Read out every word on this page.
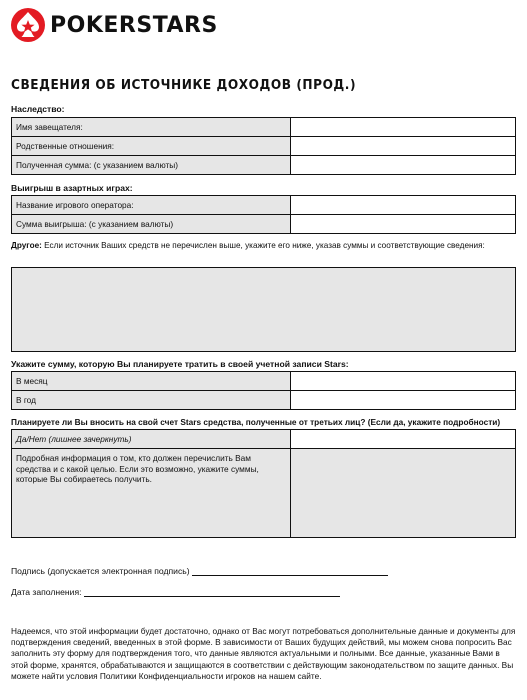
POKERSTARS
СВЕДЕНИЯ ОБ ИСТОЧНИКЕ ДОХОДОВ (ПРОД.)
Наследство:
Имя завещателя:	
Родственные отношения:	
Полученная сумма: (с указанием валюты)	
Выигрыш в азартных играх:
Название игрового оператора:	
Сумма выигрыша: (с указанием валюты)	
Другое: Если источник Ваших средств не перечислен выше, укажите его ниже, указав суммы и соответствующие сведения:
Укажите сумму, которую Вы планируете тратить в своей учетной записи Stars:
В месяц	
В год	
Планируете ли Вы вносить на свой счет Stars средства, полученные от третьих лиц? (Если да, укажите подробности)
Да/Нет (лишнее зачеркнуть)	
Подробная информация о том, кто должен перечислить Вам средства и с какой целью. Если это возможно, укажите суммы, которые Вы собираетесь получить.	
Подпись (допускается электронная подпись)
Дата заполнения:
Надеемся, что этой информации будет достаточно, однако от Вас могут потребоваться дополнительные данные и документы для подтверждения сведений, введенных в этой форме. В зависимости от Ваших будущих действий, мы можем снова попросить Вас заполнить эту форму для подтверждения того, что данные являются актуальными и полными. Все данные, указанные Вами в этой форме, хранятся, обрабатываются и защищаются в соответствии с действующим законодательством по защите данных. Вы можете найти условия Политики Конфиденциальности игроков на нашем сайте.
